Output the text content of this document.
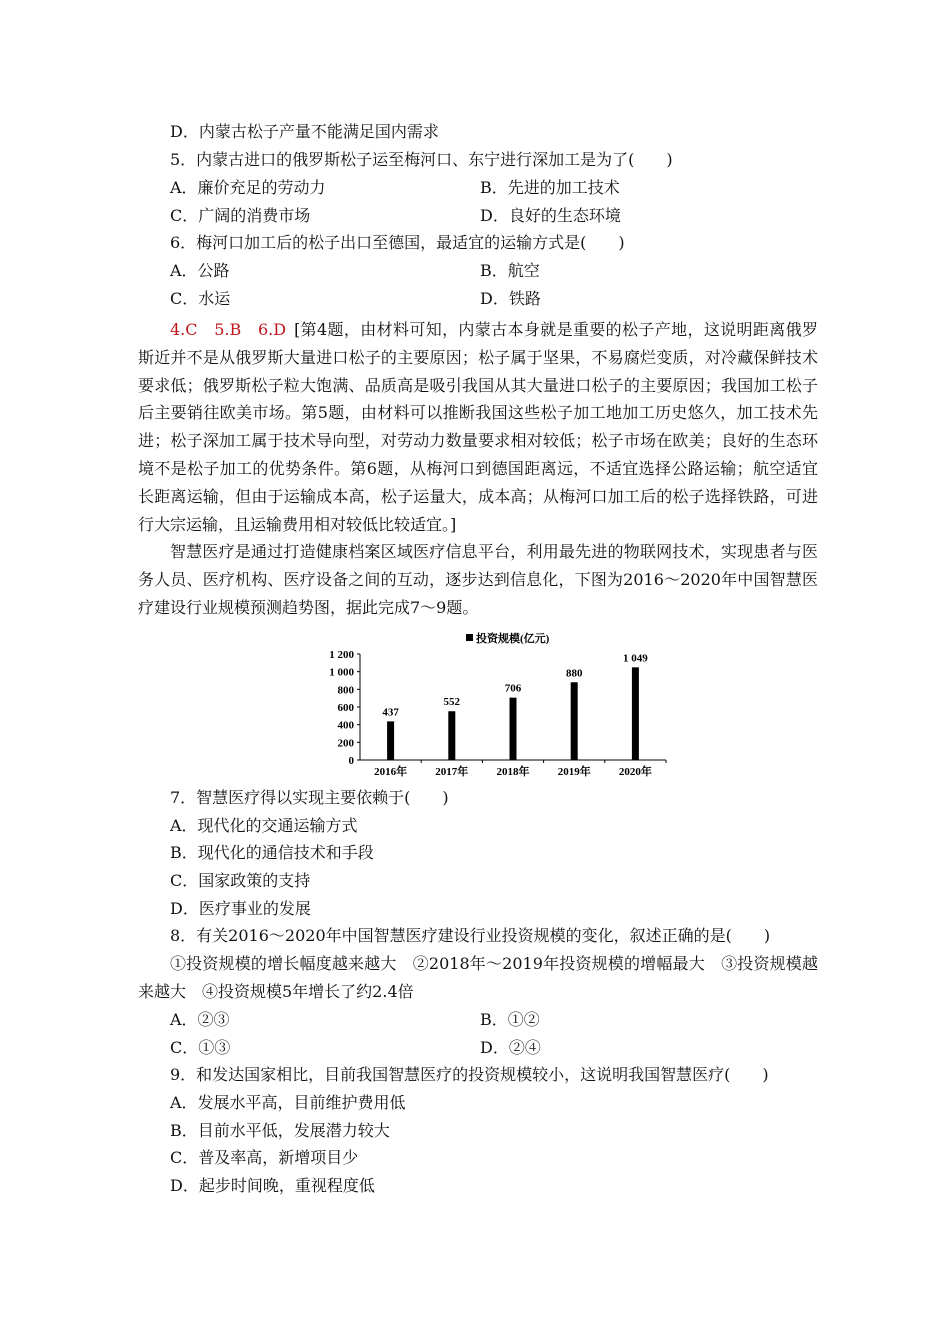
D．内蒙古松子产量不能满足国内需求
5．内蒙古进口的俄罗斯松子运至梅河口、东宁进行深加工是为了(　　)
A．廉价充足的劳动力	B．先进的加工技术
C．广阔的消费市场	D．良好的生态环境
6．梅河口加工后的松子出口至德国，最适宜的运输方式是(　　)
A．公路	B．航空
C．水运	D．铁路
4.C　5.B　6.D [第4题，由材料可知，内蒙古本身就是重要的松子产地，这说明距离俄罗斯近并不是从俄罗斯大量进口松子的主要原因；松子属于坚果，不易腐烂变质，对冷藏保鲜技术要求低；俄罗斯松子粒大饱满、品质高是吸引我国从其大量进口松子的主要原因；我国加工松子后主要销往欧美市场。第5题，由材料可以推断我国这些松子加工地加工历史悠久，加工技术先进；松子深加工属于技术导向型，对劳动力数量要求相对较低；松子市场在欧美；良好的生态环境不是松子加工的优势条件。第6题，从梅河口到德国距离远，不适宜选择公路运输；航空适宜长距离运输，但由于运输成本高，松子运量大，成本高；从梅河口加工后的松子选择铁路，可进行大宗运输，且运输费用相对较低比较适宜。]
智慧医疗是通过打造健康档案区域医疗信息平台，利用最先进的物联网技术，实现患者与医务人员、医疗机构、医疗设备之间的互动，逐步达到信息化，下图为2016～2020年中国智慧医疗建设行业规模预测趋势图，据此完成7～9题。
投资规模(亿元)
0
200
400
600
800
1 000
1 200
437
2016年
552
2017年
706
2018年
880
2019年
1 049
2020年
7．智慧医疗得以实现主要依赖于(　　)
A．现代化的交通运输方式
B．现代化的通信技术和手段
C．国家政策的支持
D．医疗事业的发展
8．有关2016～2020年中国智慧医疗建设行业投资规模的变化，叙述正确的是(　　)
①投资规模的增长幅度越来越大　②2018年～2019年投资规模的增幅最大　③投资规模越来越大　④投资规模5年增长了约2.4倍
A．②③	B．①②
C．①③	D．②④
9．和发达国家相比，目前我国智慧医疗的投资规模较小，这说明我国智慧医疗(　　)
A．发展水平高，目前维护费用低
B．目前水平低，发展潜力较大
C．普及率高，新增项目少
D．起步时间晚，重视程度低
